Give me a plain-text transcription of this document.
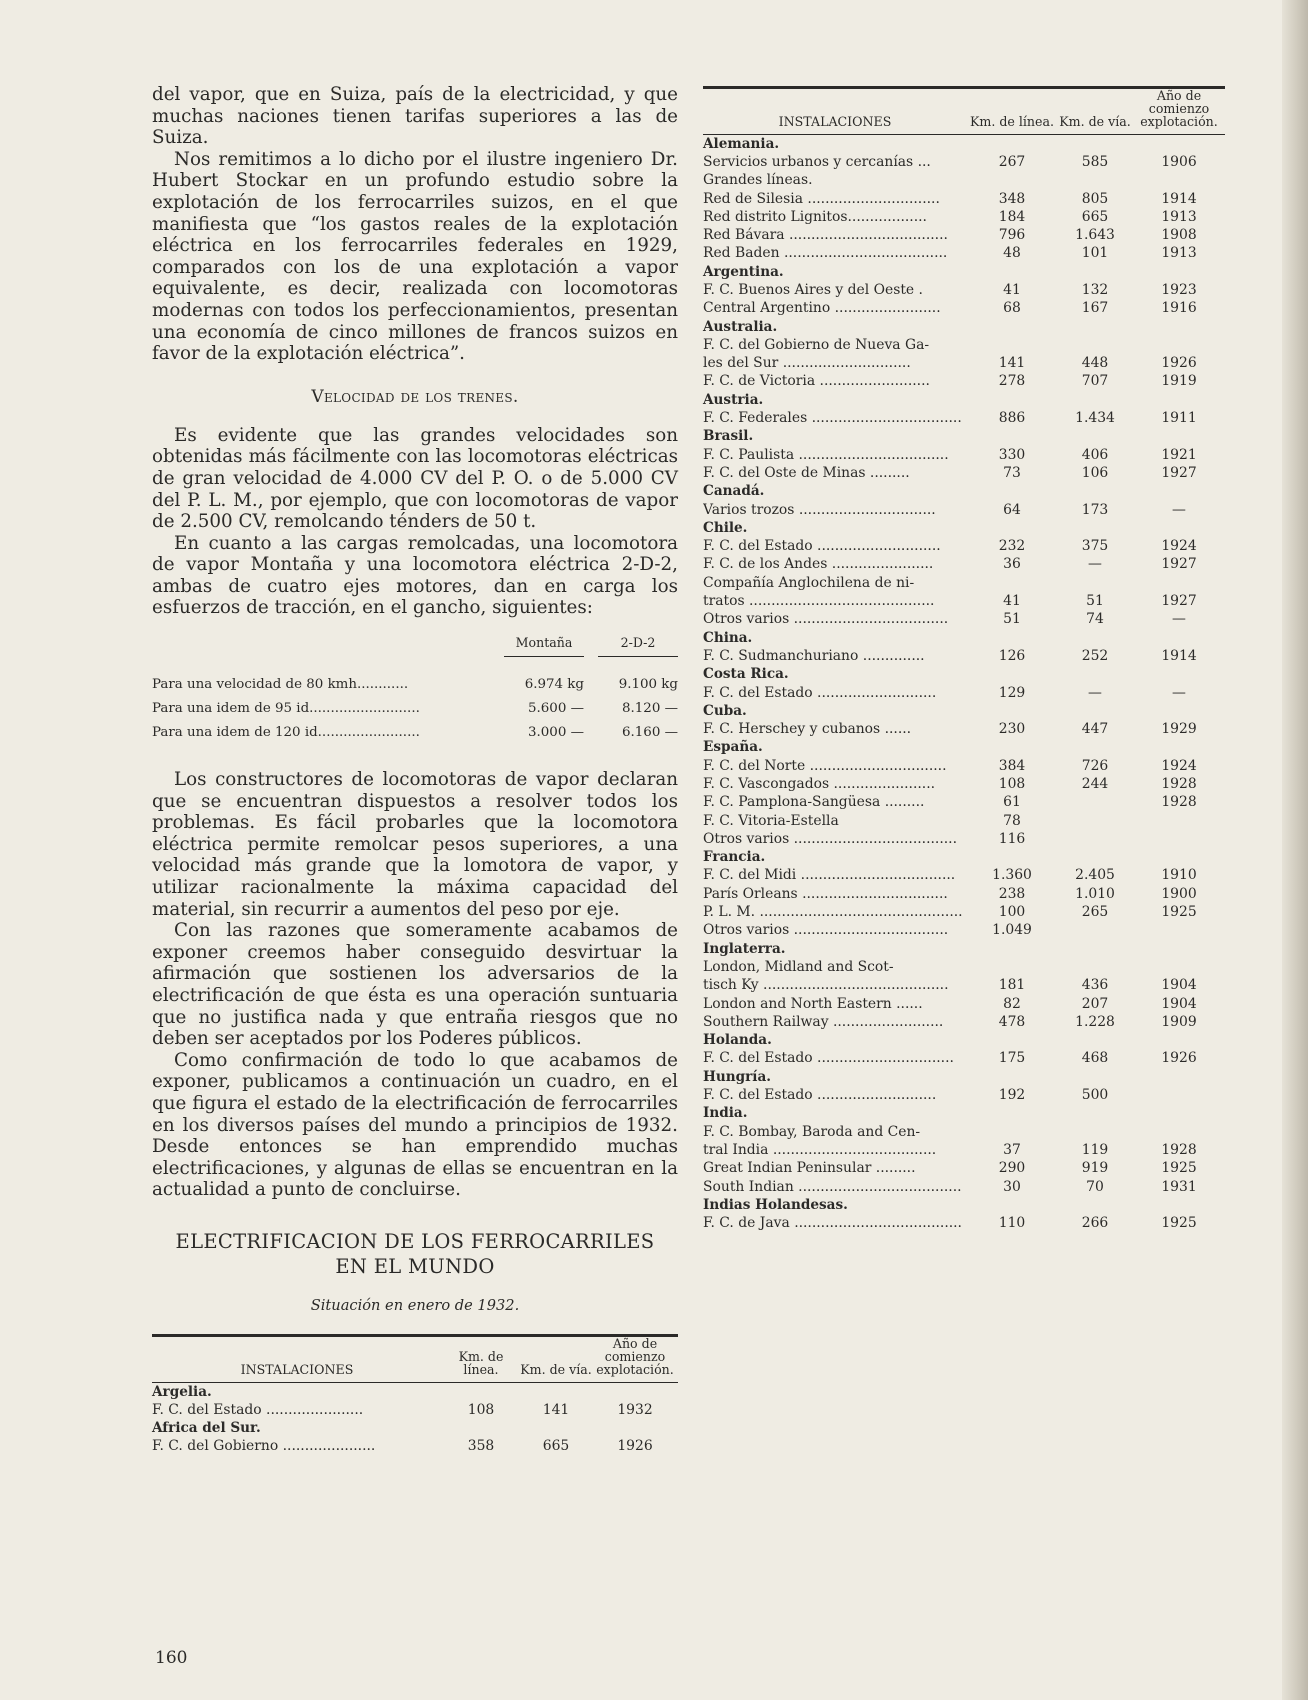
del vapor, que en Suiza, país de la electricidad, y que muchas naciones tienen tarifas superiores a las de Suiza.

Nos remitimos a lo dicho por el ilustre ingeniero Dr. Hubert Stockar en un profundo estudio sobre la explotación de los ferrocarriles suizos, en el que manifiesta que “los gastos reales de la explotación eléctrica en los ferrocarriles federales en 1929, comparados con los de una explotación a vapor equivalente, es decir, realizada con locomotoras modernas con todos los perfeccionamientos, presentan una economía de cinco millones de francos suizos en favor de la explotación eléctrica”.

Velocidad de los trenes.

Es evidente que las grandes velocidades son obtenidas más fácilmente con las locomotoras eléctricas de gran velocidad de 4.000 CV del P. O. o de 5.000 CV del P. L. M., por ejemplo, que con locomotoras de vapor de 2.500 CV, remolcando ténders de 50 t.

En cuanto a las cargas remolcadas, una locomotora de vapor Montaña y una locomotora eléctrica 2-D-2, ambas de cuatro ejes motores, dan en carga los esfuerzos de tracción, en el gancho, siguientes:

Montaña	2-D-2
Para una velocidad de 80 kmh............	6.974 kg	9.100 kg
Para una idem de 95 id..........................	5.600 —	8.120 —
Para una idem de 120 id........................	3.000 —	6.160 —

Los constructores de locomotoras de vapor declaran que se encuentran dispuestos a resolver todos los problemas. Es fácil probarles que la locomotora eléctrica permite remolcar pesos superiores, a una velocidad más grande que la lomotora de vapor, y utilizar racionalmente la máxima capacidad del material, sin recurrir a aumentos del peso por eje.

Con las razones que someramente acabamos de exponer creemos haber conseguido desvirtuar la afirmación que sostienen los adversarios de la electrificación de que ésta es una operación suntuaria que no justifica nada y que entraña riesgos que no deben ser aceptados por los Poderes públicos.

Como confirmación de todo lo que acabamos de exponer, publicamos a continuación un cuadro, en el que figura el estado de la electrificación de ferrocarriles en los diversos países del mundo a principios de 1932. Desde entonces se han emprendido muchas electrificaciones, y algunas de ellas se encuentran en la actualidad a punto de concluirse.

ELECTRIFICACION DE LOS FERROCARRILES
EN EL MUNDO
Situación en enero de 1932.
INSTALACIONES	Km. de línea.	Km. de vía.	Año de comienzo explotación.
Argelia.			
F. C. del Estado ......................	108	141	1932
Africa del Sur.			
F. C. del Gobierno .....................	358	665	1926
160
INSTALACIONES	Km. de línea.	Km. de vía.	Año de comienzo explotación.
Alemania.			
Servicios urbanos y cercanías ...	267	585	1906
Grandes líneas.			
Red de Silesia ..............................	348	805	1914
Red distrito Lignitos..................	184	665	1913
Red Bávara ....................................	796	1.643	1908
Red Baden .....................................	48	101	1913
Argentina.			
F. C. Buenos Aires y del Oeste .	41	132	1923
Central Argentino ........................	68	167	1916
Australia.			
F. C. del Gobierno de Nueva Ga-			
les del Sur .............................	141	448	1926
F. C. de Victoria .........................	278	707	1919
Austria.			
F. C. Federales ..................................	886	1.434	1911
Brasil.			
F. C. Paulista ..................................	330	406	1921
F. C. del Oste de Minas .........	73	106	1927
Canadá.			
Varios trozos ...............................	64	173	—
Chile.			
F. C. del Estado ............................	232	375	1924
F. C. de los Andes .......................	36	—	1927
Compañía Anglochilena de ni-			
tratos ..........................................	41	51	1927
Otros varios ...................................	51	74	—
China.			
F. C. Sudmanchuriano ..............	126	252	1914
Costa Rica.			
F. C. del Estado ...........................	129	—	—
Cuba.			
F. C. Herschey y cubanos ......	230	447	1929
España.			
F. C. del Norte ...............................	384	726	1924
F. C. Vascongados .......................	108	244	1928
F. C. Pamplona-Sangüesa .........	61		1928
F. C. Vitoria-Estella	78		
Otros varios .....................................	116		
Francia.			
F. C. del Midi ...................................	1.360	2.405	1910
París Orleans .................................	238	1.010	1900
P. L. M. ..............................................	100	265	1925
Otros varios ...................................	1.049		
Inglaterra.			
London, Midland and Scot-			
tisch Ky ..........................................	181	436	1904
London and North Eastern ......	82	207	1904
Southern Railway .........................	478	1.228	1909
Holanda.			
F. C. del Estado ...............................	175	468	1926
Hungría.			
F. C. del Estado ...........................	192	500	
India.			
F. C. Bombay, Baroda and Cen-			
tral India .....................................	37	119	1928
Great Indian Peninsular .........	290	919	1925
South Indian .....................................	30	70	1931
Indias Holandesas.			
F. C. de Java ......................................	110	266	1925
